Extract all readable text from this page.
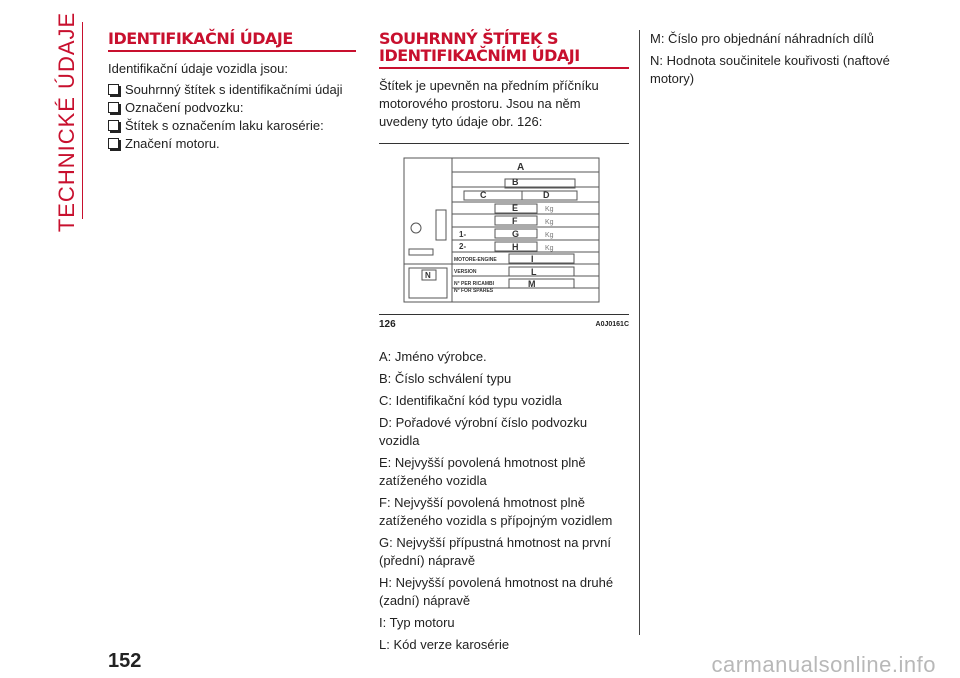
TECHNICKÉ ÚDAJE IDENTIFIKAČNÍ ÚDAJE

Identifikační údaje vozidla jsou:

Souhrnný štítek s identifikačními údaji
Označení podvozku:
Štítek s označením laku karosérie:
Značení motoru.
SOUHRNNÝ ŠTÍTEK S IDENTIFIKAČNÍMI ÚDAJI

Štítek je upevněn na předním příčníku motorového prostoru. Jsou na něm uvedeny tyto údaje obr. 126:

A
B
C	D
E
F
G
H
I
L
M
N
1-
2-
MOTORE-ENGINE
VERSION
N° PER RICAMBI
N° FOR SPARES
Kg
Kg
Kg
Kg
126	A0J0161C

A: Jméno výrobce.

B: Číslo schválení typu

C: Identifikační kód typu vozidla

D: Pořadové výrobní číslo podvozku vozidla

E: Nejvyšší povolená hmotnost plně zatíženého vozidla

F: Nejvyšší povolená hmotnost plně zatíženého vozidla s přípojným vozidlem

G: Nejvyšší přípustná hmotnost na první (přední) nápravě

H: Nejvyšší povolená hmotnost na druhé (zadní) nápravě

I: Typ motoru

L: Kód verze karosérie

M: Číslo pro objednání náhradních dílů

N: Hodnota součinitele kouřivosti (naftové motory)

152	carmanualsonline.info
